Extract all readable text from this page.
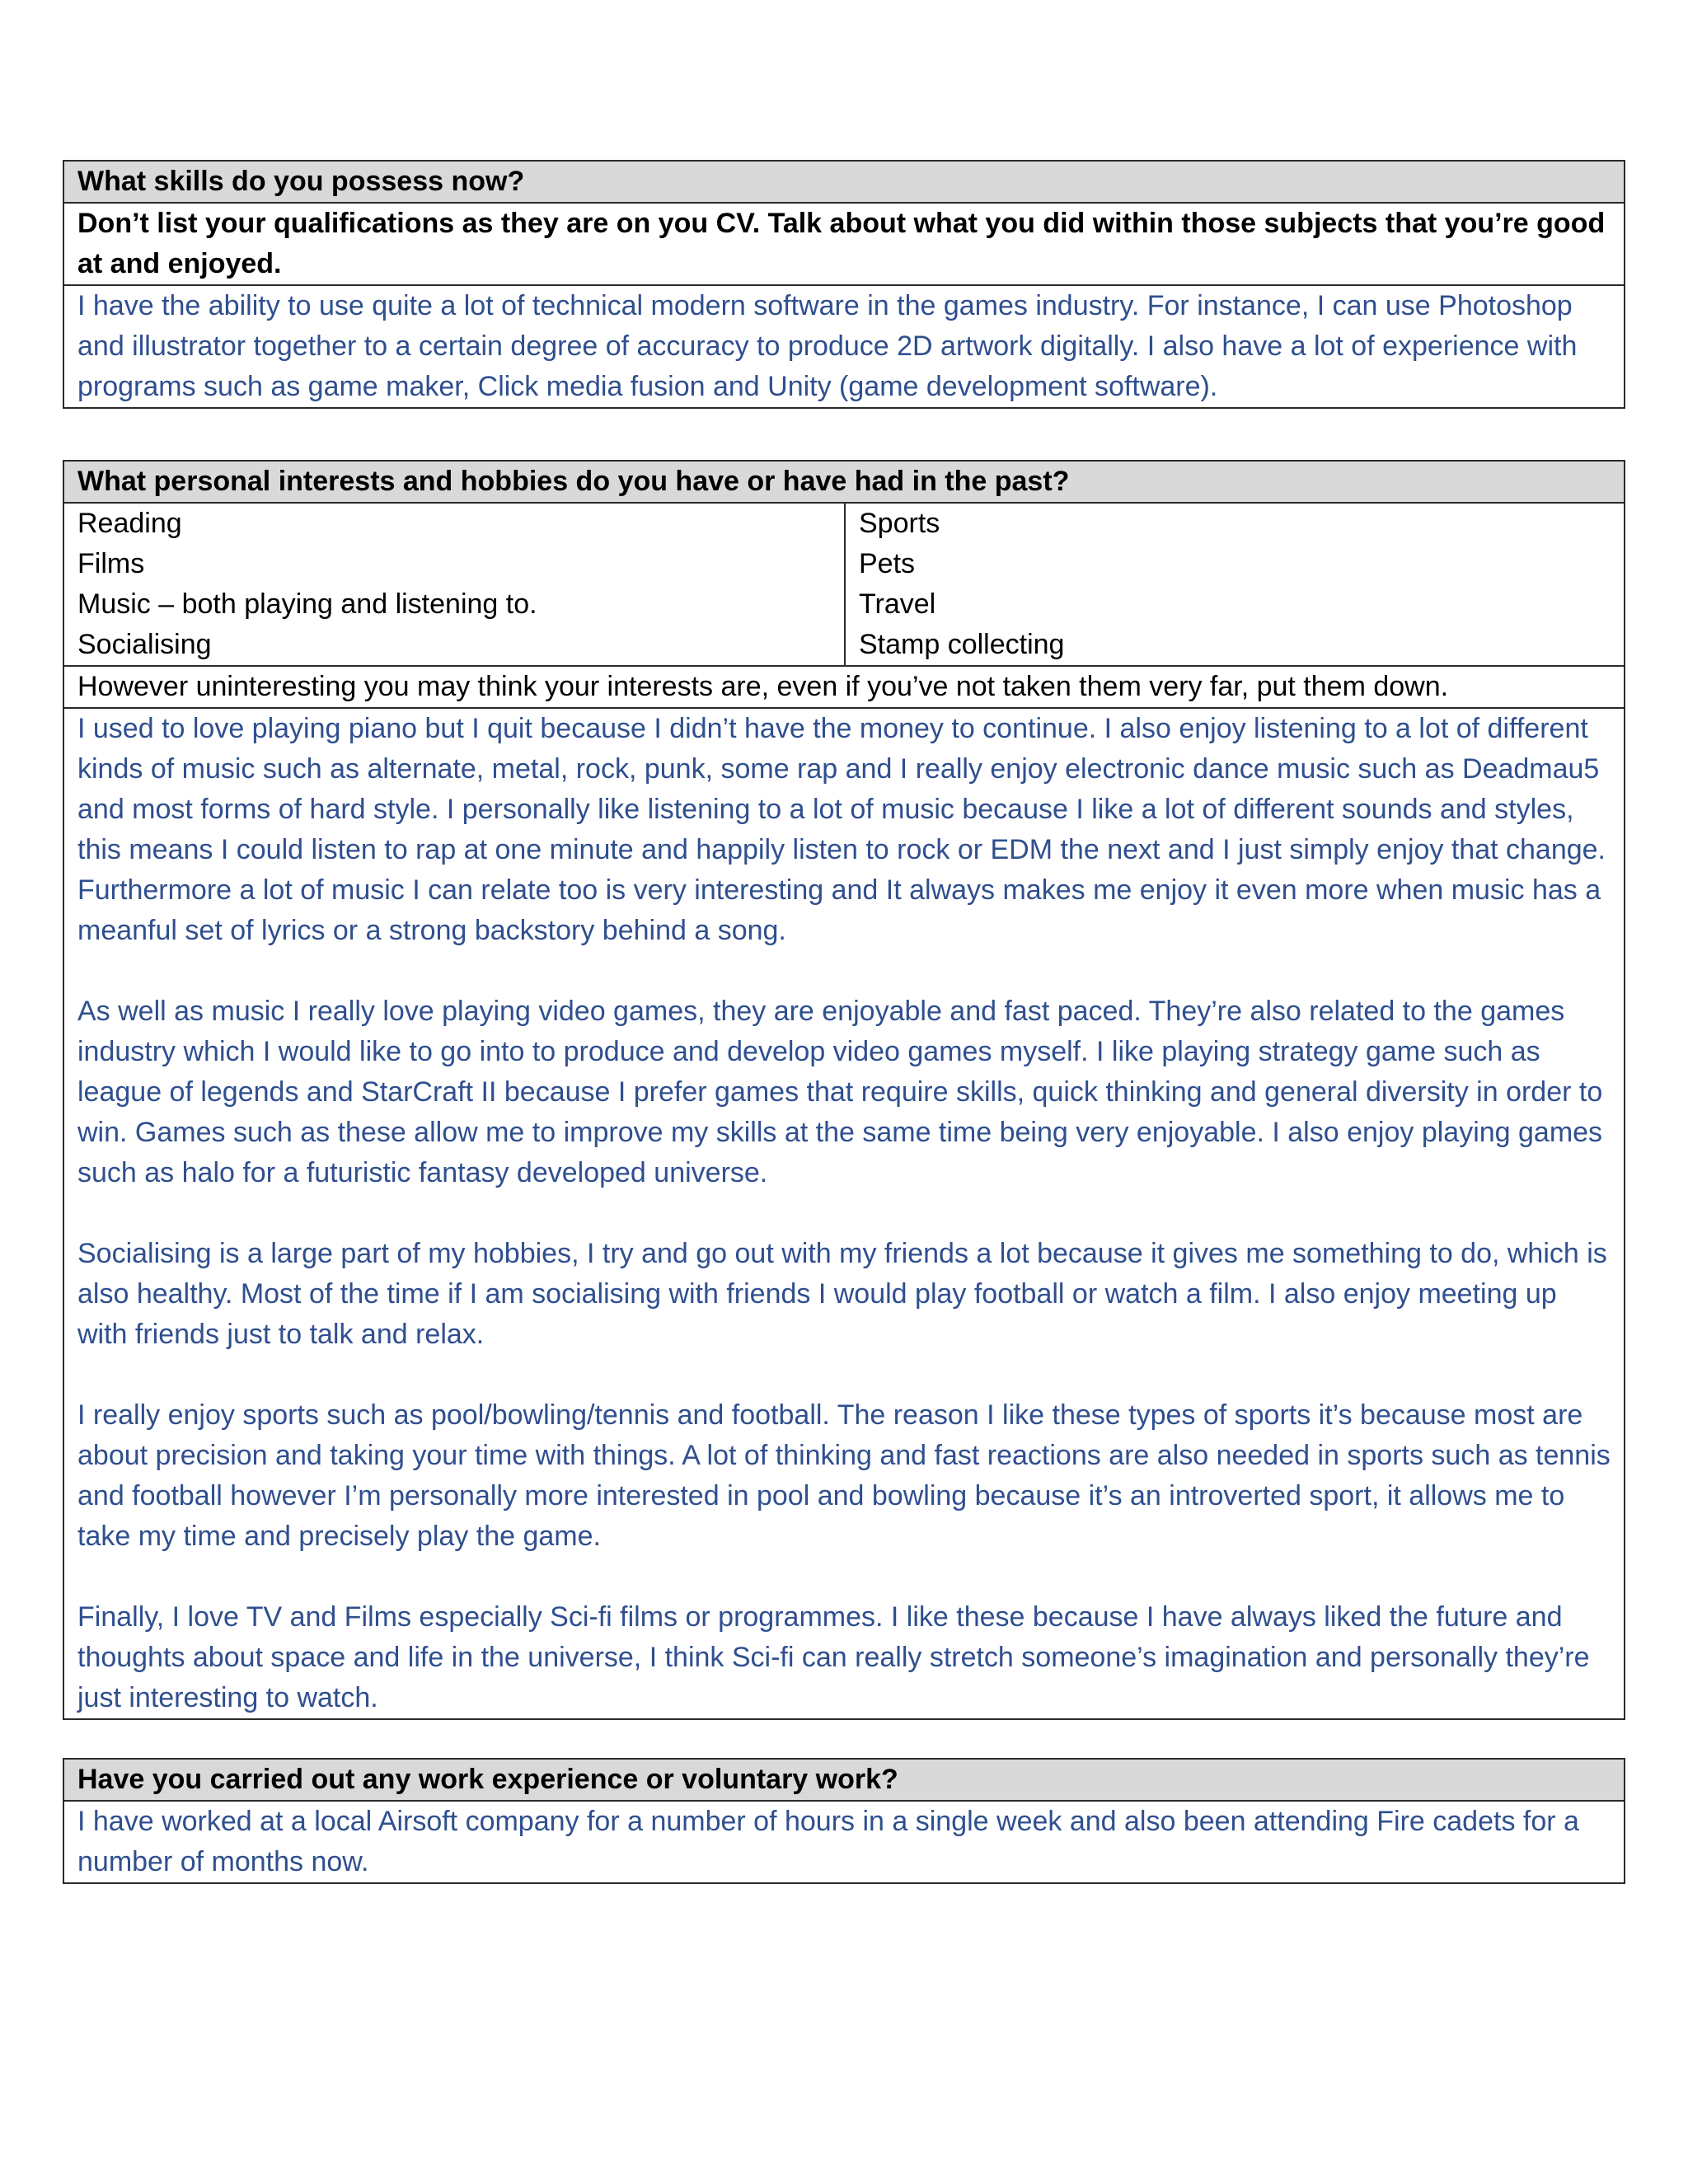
What skills do you possess now?
Don’t list your qualifications as they are on you CV. Talk about what you did within those subjects that you’re good at and enjoyed.

I have the ability to use quite a lot of technical modern software in the games industry. For instance, I can use Photoshop and illustrator together to a certain degree of accuracy to produce 2D artwork digitally. I also have a lot of experience with programs such as game maker, Click media fusion and Unity (game development software).

What personal interests and hobbies do you have or have had in the past?
Reading
Films
Music – both playing and listening to.
Socialising
Sports
Pets
Travel
Stamp collecting
However uninteresting you may think your interests are, even if you’ve not taken them very far, put them down.

I used to love playing piano but I quit because I didn’t have the money to continue. I also enjoy listening to a lot of different kinds of music such as alternate, metal, rock, punk, some rap and I really enjoy electronic dance music such as Deadmau5 and most forms of hard style. I personally like listening to a lot of music because I like a lot of different sounds and styles, this means I could listen to rap at one minute and happily listen to rock or EDM the next and I just simply enjoy that change. Furthermore a lot of music I can relate too is very interesting and It always makes me enjoy it even more when music has a meanful set of lyrics or a strong backstory behind a song.

As well as music I really love playing video games, they are enjoyable and fast paced. They’re also related to the games industry which I would like to go into to produce and develop video games myself. I like playing strategy game such as league of legends and StarCraft II because I prefer games that require skills, quick thinking and general diversity in order to win. Games such as these allow me to improve my skills at the same time being very enjoyable. I also enjoy playing games such as halo for a futuristic fantasy developed universe.

Socialising is a large part of my hobbies, I try and go out with my friends a lot because it gives me something to do, which is also healthy. Most of the time if I am socialising with friends I would play football or watch a film. I also enjoy meeting up with friends just to talk and relax.

I really enjoy sports such as pool/bowling/tennis and football. The reason I like these types of sports it’s because most are about precision and taking your time with things. A lot of thinking and fast reactions are also needed in sports such as tennis and football however I’m personally more interested in pool and bowling because it’s an introverted sport, it allows me to take my time and precisely play the game.

Finally, I love TV and Films especially Sci-fi films or programmes. I like these because I have always liked the future and thoughts about space and life in the universe, I think Sci-fi can really stretch someone’s imagination and personally they’re just interesting to watch.

Have you carried out any work experience or voluntary work?

I have worked at a local Airsoft company for a number of hours in a single week and also been attending Fire cadets for a number of months now.
